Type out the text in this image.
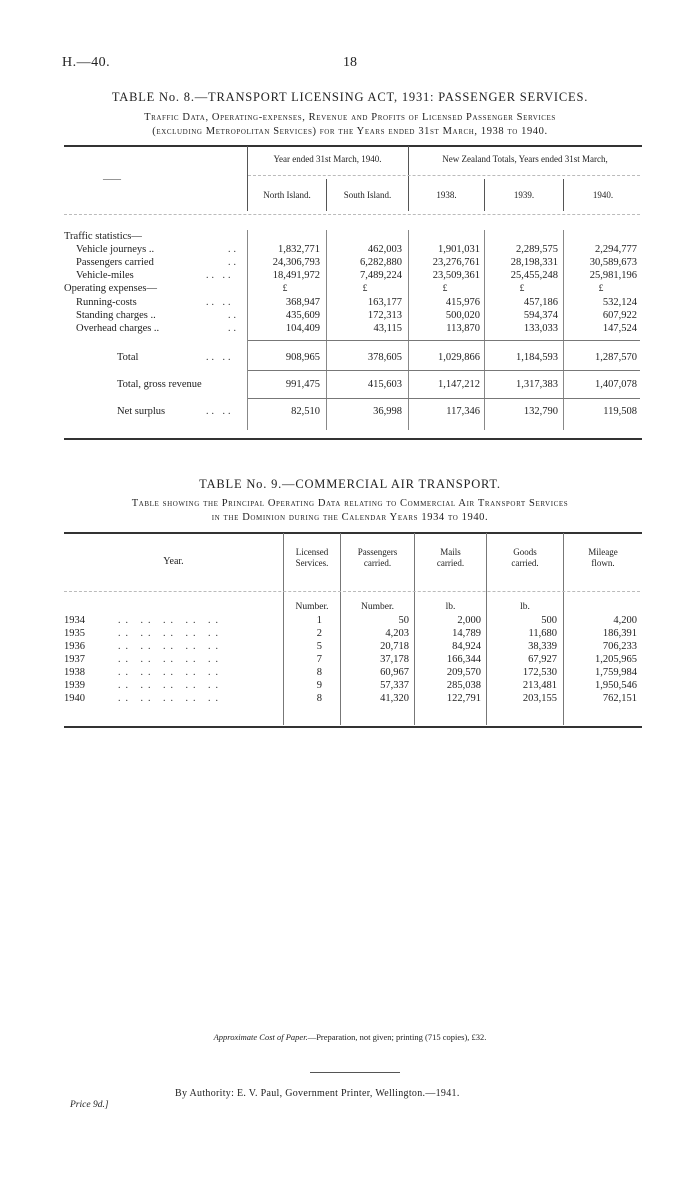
H.—40.	18
TABLE No. 8.—TRANSPORT LICENSING ACT, 1931: PASSENGER SERVICES.
Traffic Data, Operating-expenses, Revenue and Profits of Licensed Passenger Services
(excluding Metropolitan Services) for the Years ended 31st March, 1938 to 1940.
Year ended 31st March, 1940.	New Zealand Totals, Years ended 31st March,
——
North Island.	South Island.	1938.	1939.	1940.
Traffic statistics—
Vehicle journeys ..	..	1,832,771	462,003	1,901,031	2,289,575	2,294,777
Passengers carried	..	24,306,793	6,282,880	23,276,761	28,198,331	30,589,673
Vehicle-miles	.. ..	18,491,972	7,489,224	23,509,361	25,455,248	25,981,196
Operating expenses—	£	£	£	£	£
Running-costs	.. ..	368,947	163,177	415,976	457,186	532,124
Standing charges ..	..	435,609	172,313	500,020	594,374	607,922
Overhead charges ..	..	104,409	43,115	113,870	133,033	147,524
Total	.. ..	908,965	378,605	1,029,866	1,184,593	1,287,570
Total, gross revenue	991,475	415,603	1,147,212	1,317,383	1,407,078
Net surplus	.. ..	82,510	36,998	117,346	132,790	119,508
TABLE No. 9.—COMMERCIAL AIR TRANSPORT.
Table showing the Principal Operating Data relating to Commercial Air Transport Services
in the Dominion during the Calendar Years 1934 to 1940.
Year.
Licensed
Services.
Passengers
carried.
Mails
carried.
Goods
carried.
Mileage
flown.
Number.	Number.	lb.	lb.
1934	.. .. .. .. ..	1	50	2,000	500	4,200
1935	.. .. .. .. ..	2	4,203	14,789	11,680	186,391
1936	.. .. .. .. ..	5	20,718	84,924	38,339	706,233
1937	.. .. .. .. ..	7	37,178	166,344	67,927	1,205,965
1938	.. .. .. .. ..	8	60,967	209,570	172,530	1,759,984
1939	.. .. .. .. ..	9	57,337	285,038	213,481	1,950,546
1940	.. .. .. .. ..	8	41,320	122,791	203,155	762,151
Approximate Cost of Paper.—Preparation, not given; printing (715 copies), £32.
By Authority: E. V. Paul, Government Printer, Wellington.—1941.
Price 9d.]
